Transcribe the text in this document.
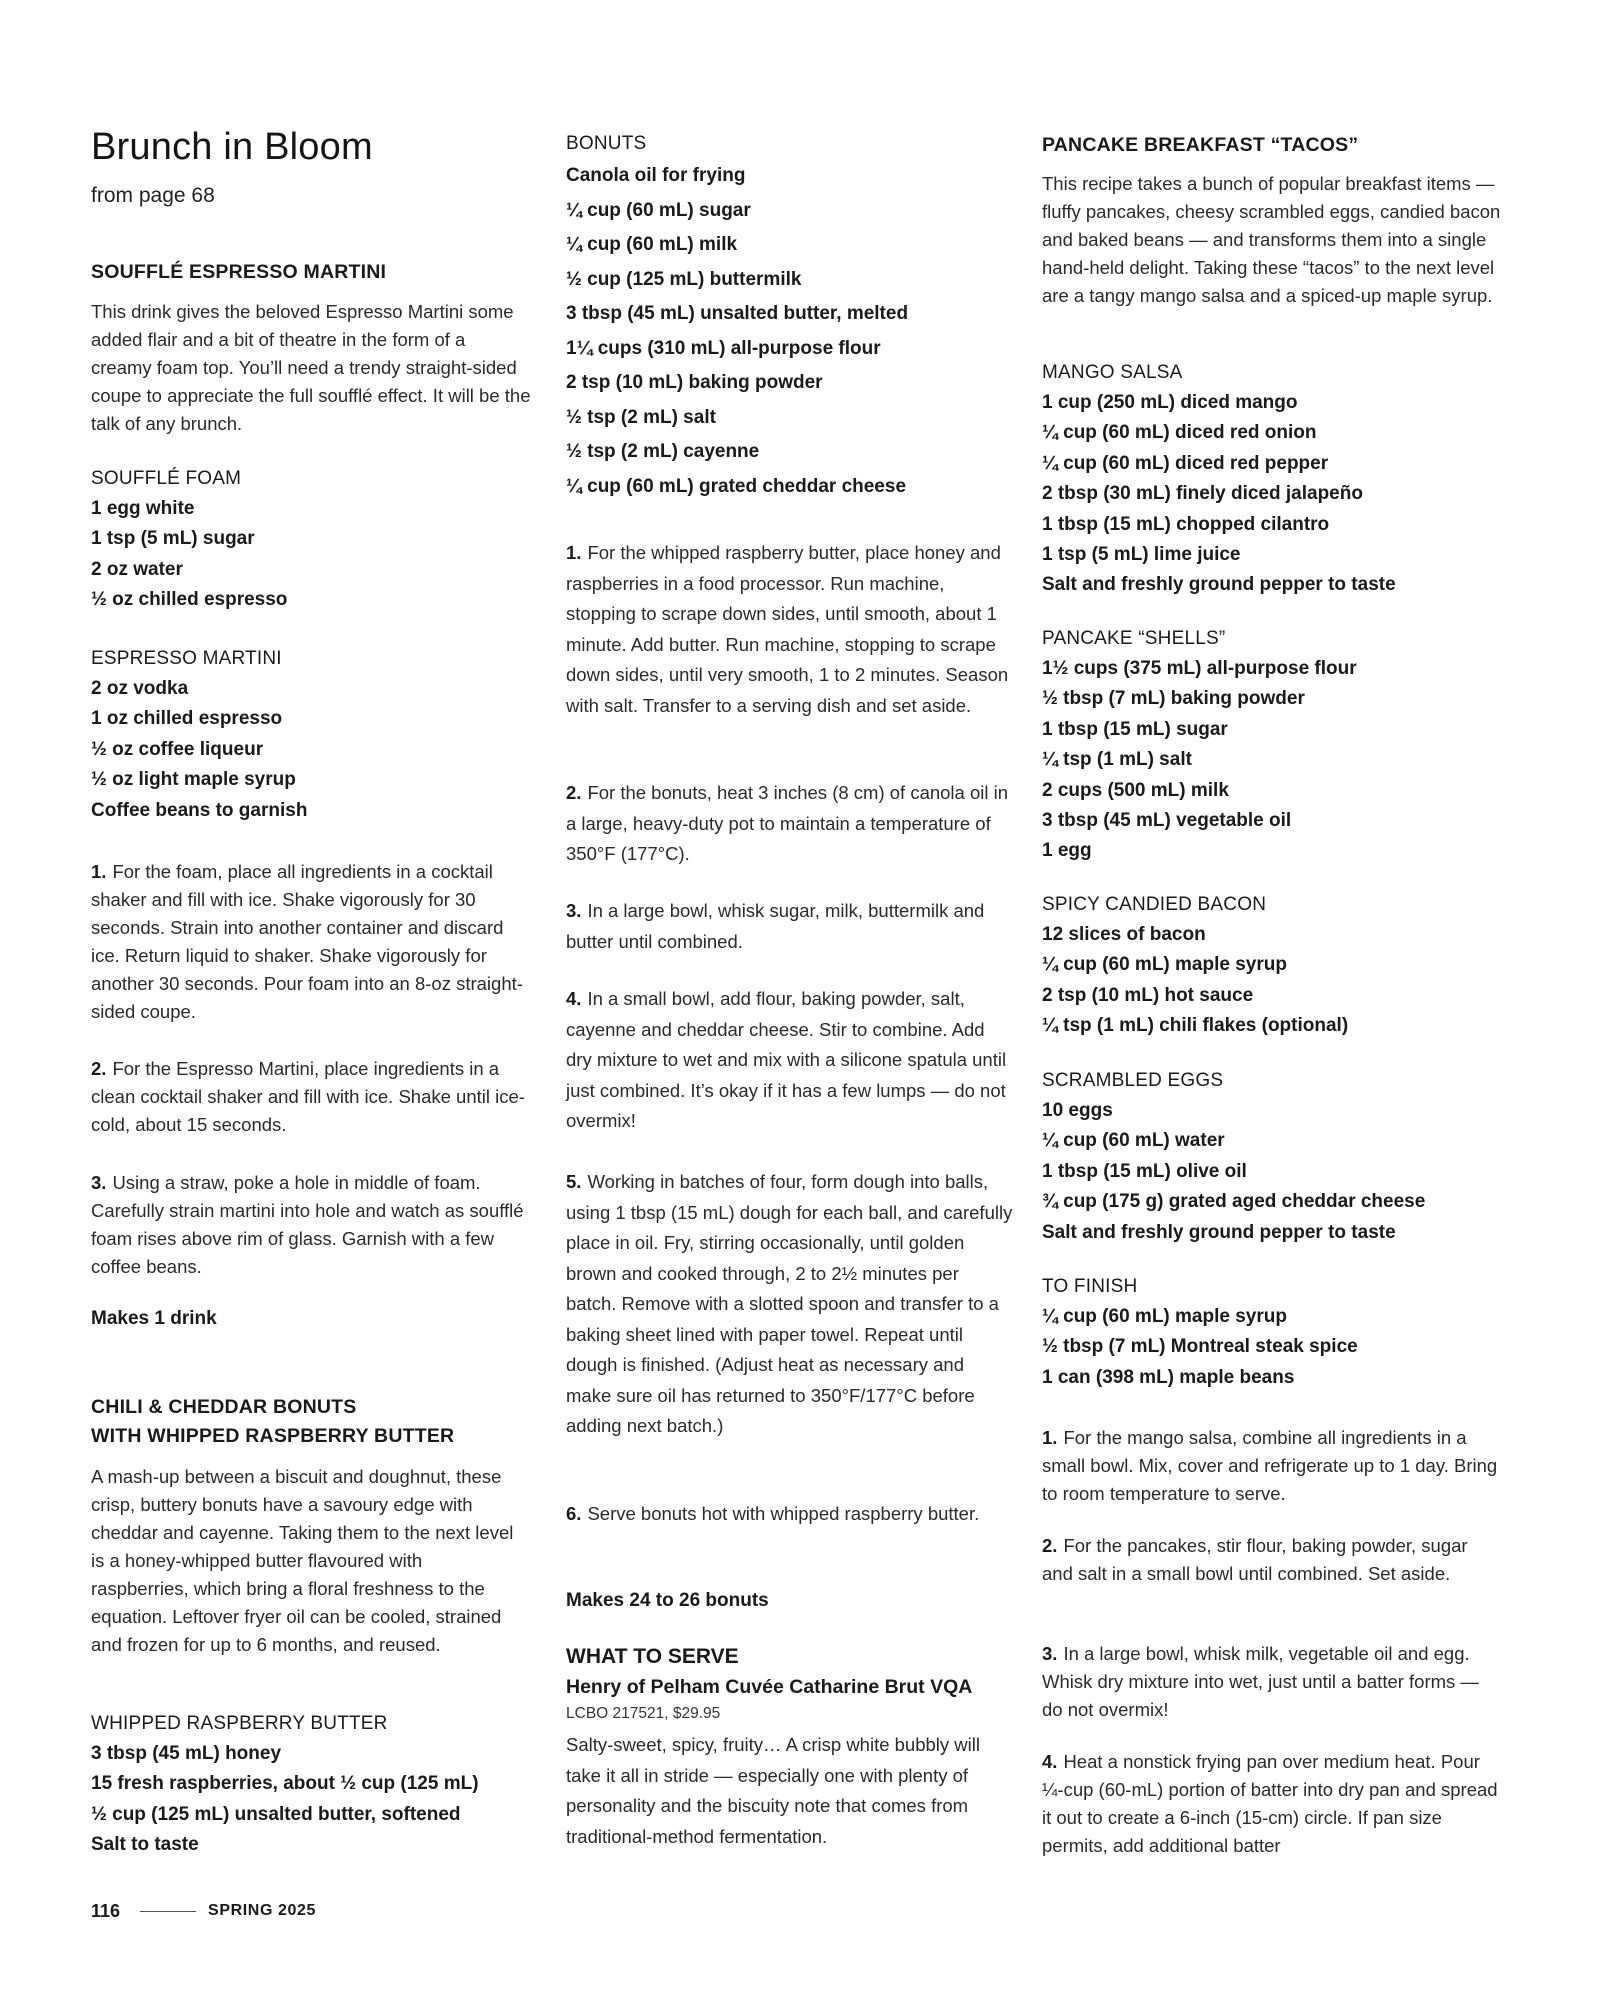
Brunch in Bloom
from page 68
SOUFFLÉ ESPRESSO MARTINI

This drink gives the beloved Espresso Martini some added flair and a bit of theatre in the form of a creamy foam top. You’ll need a trendy straight-sided coupe to appreciate the full soufflé effect. It will be the talk of any brunch.

SOUFFLÉ FOAM
1 egg white
1 tsp (5 mL) sugar
2 oz water
½ oz chilled espresso
ESPRESSO MARTINI
2 oz vodka
1 oz chilled espresso
½ oz coffee liqueur
½ oz light maple syrup
Coffee beans to garnish

1. For the foam, place all ingredients in a cocktail shaker and fill with ice. Shake vigorously for 30 seconds. Strain into another container and discard ice. Return liquid to shaker. Shake vigorously for another 30 seconds. Pour foam into an 8-oz straight-sided coupe.

2. For the Espresso Martini, place ingredients in a clean cocktail shaker and fill with ice. Shake until ice-cold, about 15 seconds.

3. Using a straw, poke a hole in middle of foam. Carefully strain martini into hole and watch as soufflé foam rises above rim of glass. Garnish with a few coffee beans.

Makes 1 drink
CHILI & CHEDDAR BONUTS
WITH WHIPPED RASPBERRY BUTTER

A mash-up between a biscuit and doughnut, these crisp, buttery bonuts have a savoury edge with cheddar and cayenne. Taking them to the next level is a honey-whipped butter flavoured with raspberries, which bring a floral freshness to the equation. Leftover fryer oil can be cooled, strained and frozen for up to 6 months, and reused.

WHIPPED RASPBERRY BUTTER
3 tbsp (45 mL) honey
15 fresh raspberries, about ½ cup (125 mL)
½ cup (125 mL) unsalted butter, softened
Salt to taste
BONUTS
Canola oil for frying
¼ cup (60 mL) sugar
¼ cup (60 mL) milk
½ cup (125 mL) buttermilk
3 tbsp (45 mL) unsalted butter, melted
1¼ cups (310 mL) all-purpose flour
2 tsp (10 mL) baking powder
½ tsp (2 mL) salt
½ tsp (2 mL) cayenne
¼ cup (60 mL) grated cheddar cheese

1. For the whipped raspberry butter, place honey and raspberries in a food processor. Run machine, stopping to scrape down sides, until smooth, about 1 minute. Add butter. Run machine, stopping to scrape down sides, until very smooth, 1 to 2 minutes. Season with salt. Transfer to a serving dish and set aside.

2. For the bonuts, heat 3 inches (8 cm) of canola oil in a large, heavy-duty pot to maintain a temperature of 350°F (177°C).

3. In a large bowl, whisk sugar, milk, buttermilk and butter until combined.

4. In a small bowl, add flour, baking powder, salt, cayenne and cheddar cheese. Stir to combine. Add dry mixture to wet and mix with a silicone spatula until just combined. It’s okay if it has a few lumps — do not overmix!

5. Working in batches of four, form dough into balls, using 1 tbsp (15 mL) dough for each ball, and carefully place in oil. Fry, stirring occasionally, until golden brown and cooked through, 2 to 2½ minutes per batch. Remove with a slotted spoon and transfer to a baking sheet lined with paper towel. Repeat until dough is finished. (Adjust heat as necessary and make sure oil has returned to 350°F/177°C before adding next batch.)

6. Serve bonuts hot with whipped raspberry butter.

Makes 24 to 26 bonuts
WHAT TO SERVE
Henry of Pelham Cuvée Catharine Brut VQA
LCBO 217521, $29.95

Salty-sweet, spicy, fruity… A crisp white bubbly will take it all in stride — especially one with plenty of personality and the biscuity note that comes from traditional-method fermentation.

PANCAKE BREAKFAST “TACOS”

This recipe takes a bunch of popular breakfast items — fluffy pancakes, cheesy scrambled eggs, candied bacon and baked beans — and transforms them into a single hand-held delight. Taking these “tacos” to the next level are a tangy mango salsa and a spiced-up maple syrup.

MANGO SALSA
1 cup (250 mL) diced mango
¼ cup (60 mL) diced red onion
¼ cup (60 mL) diced red pepper
2 tbsp (30 mL) finely diced jalapeño
1 tbsp (15 mL) chopped cilantro
1 tsp (5 mL) lime juice
Salt and freshly ground pepper to taste
PANCAKE “SHELLS”
1½ cups (375 mL) all-purpose flour
½ tbsp (7 mL) baking powder
1 tbsp (15 mL) sugar
¼ tsp (1 mL) salt
2 cups (500 mL) milk
3 tbsp (45 mL) vegetable oil
1 egg
SPICY CANDIED BACON
12 slices of bacon
¼ cup (60 mL) maple syrup
2 tsp (10 mL) hot sauce
¼ tsp (1 mL) chili flakes (optional)
SCRAMBLED EGGS
10 eggs
¼ cup (60 mL) water
1 tbsp (15 mL) olive oil
¾ cup (175 g) grated aged cheddar cheese
Salt and freshly ground pepper to taste
TO FINISH
¼ cup (60 mL) maple syrup
½ tbsp (7 mL) Montreal steak spice
1 can (398 mL) maple beans

1. For the mango salsa, combine all ingredients in a small bowl. Mix, cover and refrigerate up to 1 day. Bring to room temperature to serve.

2. For the pancakes, stir flour, baking powder, sugar and salt in a small bowl until combined. Set aside.

3. In a large bowl, whisk milk, vegetable oil and egg. Whisk dry mixture into wet, just until a batter forms — do not overmix!

4. Heat a nonstick frying pan over medium heat. Pour ¼-cup (60-mL) portion of batter into dry pan and spread it out to create a 6-inch (15-cm) circle. If pan size permits, add additional batter

116	SPRING 2025
